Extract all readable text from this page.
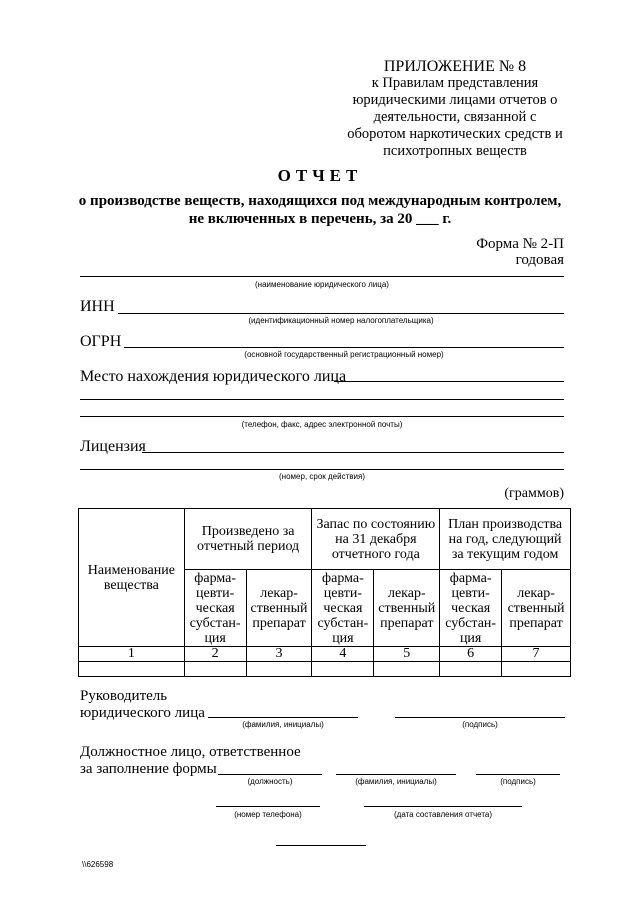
ПРИЛОЖЕНИЕ № 8
к Правилам представления
юридическими лицами отчетов о
деятельности, связанной с
оборотом наркотических средств и
психотропных веществ
ОТЧЕТ
о производстве веществ, находящихся под международным контролем,
не включенных в перечень, за 20 ___ г.
Форма № 2-П
годовая
(наименование юридического лица)
ИНН
(идентификационный номер налогоплательщика)
ОГРН
(основной государственный регистрационный номер)
Место нахождения юридического лица
(телефон, факс, адрес электронной почты)
Лицензия
(номер, срок действия)
(граммов)
Наименование вещества	Произведено за отчетный период		Запас по состоянию на 31 декабря отчетного года		План производства на год, следующий за текущим годом	
	фарма-цевти-ческая субстан-ция	лекар-ственный препарат	фарма-цевти-ческая субстан-ция	лекар-ственный препарат	фарма-цевти-ческая субстан-ция	лекар-ственный препарат
1	2	3	4	5	6	7

Руководитель
юридического лица
(фамилия, инициалы)	(подпись)
Должностное лицо, ответственное
за заполнение формы
(должность)	(фамилия, инициалы)	(подпись)
(номер телефона)	(дата составления отчета)
\\626598
